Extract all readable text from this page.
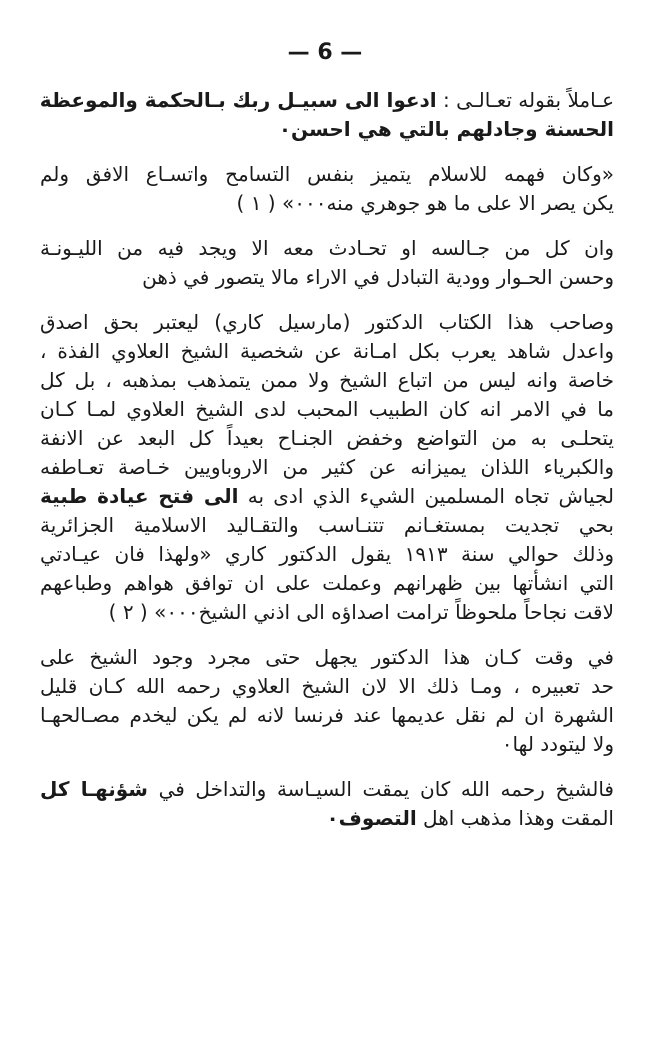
— 6 —
عـاملاً بقوله تعـالـى : ادعوا الى سبيـل ربك بـالحكمة والموعظة
الحسنة وجادلهم بالتي هي احسن٠
«وكان فهمه للاسلام يتميز بنفس التسامح واتسـاع الافق ولم
يكن يصر الا على ما هو جوهري منه٠٠٠» ( ١ )
وان كل من جـالسه او تحـادث معه الا ويجد فيه من الليـونـة
وحسن الحـوار وودية التبادل في الاراء مالا يتصور في ذهن
وصاحب هذا الكتاب الدكتور (مارسيل كاري) ليعتبر بحق اصدق
واعدل شاهد يعرب بكل امـانة عن شخصية الشيخ العلاوي الفذة ،
خاصة وانه ليس من اتباع الشيخ ولا ممن يتمذهب بمذهبه ، بل كل
ما في الامر انه كان الطبيب المحبب لدى الشيخ العلاوي لمـا كـان
يتحلـى به من التواضع وخفض الجنـاح بعيداً كل البعد عن الانفة
والكبرياء اللذان يميزانه عن كثير من الاروباويين خـاصة تعـاطفه
لجياش تجاه المسلمين الشيء الذي ادى به الى فتح عيادة طبية
بحي تجديت بمستغـانم تتنـاسب والتقـاليد الاسلامية الجزائرية
وذلك حوالي سنة ١٩١٣ يقول الدكتور كاري «ولهذا فان عيـادتي
التي انشأتها بين ظهرانهم وعملت على ان توافق هواهم وطباعهم
لاقت نجاحاً ملحوظاً ترامت اصداؤه الى اذني الشيخ٠٠٠» ( ٢ )
في وقت كـان هذا الدكتور يجهل حتى مجرد وجود الشيخ على
حد تعبيره ، ومـا ذلك الا لان الشيخ العلاوي رحمه الله كـان قليل
الشهرة ان لم نقل عديمها عند فرنسا لانه لم يكن ليخدم مصـالحهـا
ولا ليتودد لها٠
فالشيخ رحمه الله كان يمقت السيـاسة والتداخل في شؤنهـا كل
المقت وهذا مذهب اهل التصوف٠
